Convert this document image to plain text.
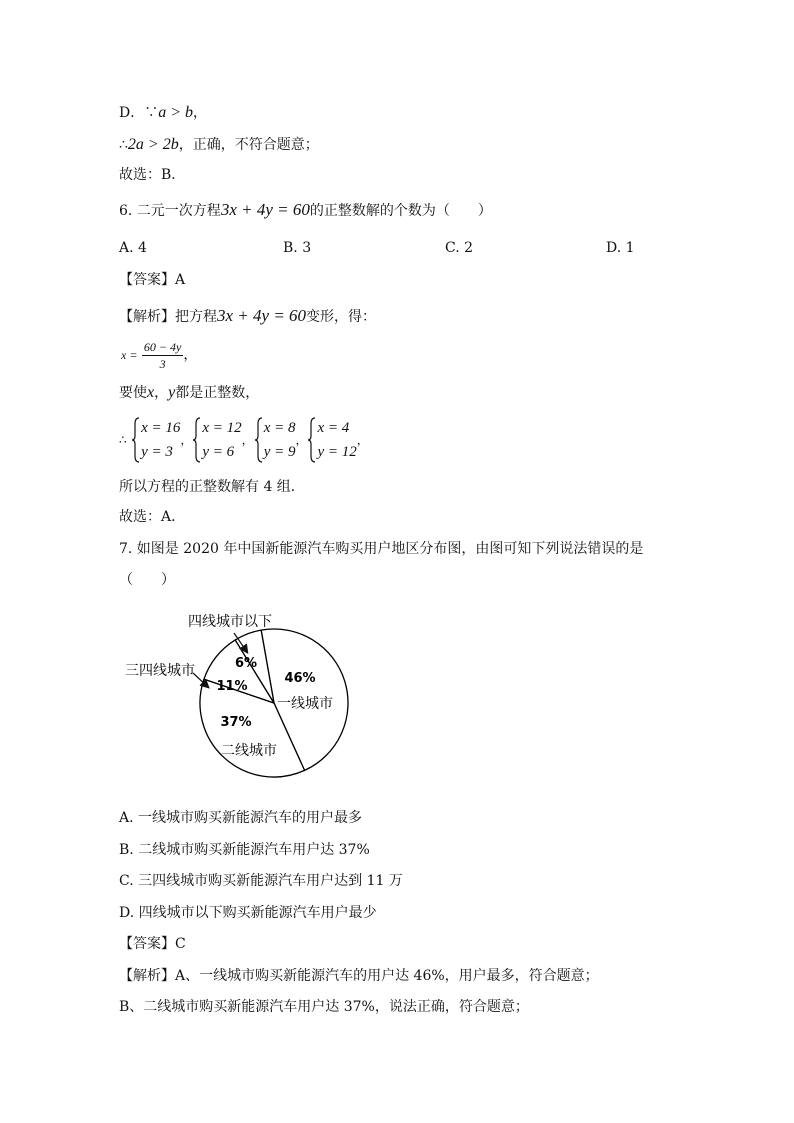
D．∵a > b，
∴2a > 2b，正确，不符合题意；
故选：B．
6. 二元一次方程3x + 4y = 60的正整数解的个数为（　　）
A. 4	B. 3	C. 2	D. 1
【答案】A
【解析】把方程3x + 4y = 60变形，得：
$x = \frac{60 - 4y}{3}$ ，
要使x，y都是正整数，
∴
x = 16
y = 3
，
x = 12
y = 6
，
x = 8
y = 9
，
x = 4
y = 12
，
所以方程的正整数解有 4 组．
故选：A．
7. 如图是 2020 年中国新能源汽车购买用户地区分布图，由图可知下列说法错误的是
（　　）
四线城市以下
三四线城市	6%
11%
46%
一线城市
37%
二线城市
A. 一线城市购买新能源汽车的用户最多
B. 二线城市购买新能源汽车用户达 37%
C. 三四线城市购买新能源汽车用户达到 11 万
D. 四线城市以下购买新能源汽车用户最少
【答案】C
【解析】A、一线城市购买新能源汽车的用户达 46%，用户最多，符合题意；
B、二线城市购买新能源汽车用户达 37%，说法正确，符合题意；
